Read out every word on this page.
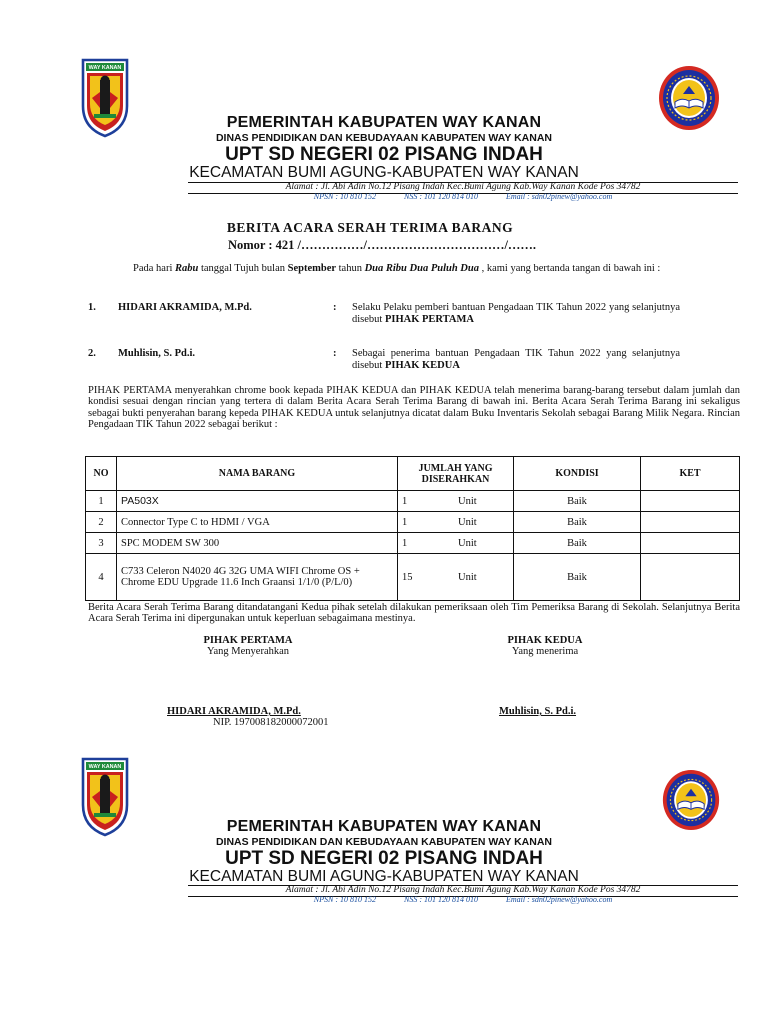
WAY KANAN
PEMERINTAH KABUPATEN WAY KANAN
DINAS PENDIDIKAN DAN KEBUDAYAAN KABUPATEN WAY KANAN
UPT SD NEGERI 02 PISANG INDAH
KECAMATAN BUMI AGUNG-KABUPATEN WAY KANAN
Alamat : Jl. Abi Adin No.12 Pisang Indah Kec.Bumi Agung Kab.Way Kanan Kode Pos 34782
NPSN : 10 810 152	NSS : 101 120 814 010	Email : sdn02pinew@yahoo.com
BERITA ACARA SERAH TERIMA BARANG
Nomor : 421 /……………/……………………………/…….
Pada hari Rabu tanggal Tujuh bulan September tahun Dua Ribu Dua Puluh Dua , kami yang bertanda tangan di bawah ini :
1. HIDARI AKRAMIDA, M.Pd.	: Selaku Pelaku pemberi bantuan Pengadaan TIK Tahun 2022 yang selanjutnya disebut PIHAK PERTAMA
2. Muhlisin, S. Pd.i.	: Sebagai penerima bantuan Pengadaan TIK Tahun 2022 yang selanjutnya disebut PIHAK KEDUA
PIHAK PERTAMA menyerahkan chrome book kepada PIHAK KEDUA dan PIHAK KEDUA telah menerima barang-barang tersebut dalam jumlah dan kondisi sesuai dengan rincian yang tertera di dalam Berita Acara Serah Terima Barang di bawah ini. Berita Acara Serah Terima Barang ini sekaligus sebagai bukti penyerahan barang kepeda PIHAK KEDUA untuk selanjutnya dicatat dalam Buku Inventaris Sekolah sebagai Barang Milik Negara. Rincian Pengadaan TIK Tahun 2022 sebagai berikut :
NO	NAMA BARANG	JUMLAH YANG DISERAHKAN	KONDISI	KET
1	PA503X	1 Unit	Baik	
2	Connector Type C to HDMI / VGA	1 Unit	Baik	
3	SPC MODEM SW 300	1 Unit	Baik	
4	C733 Celeron N4020 4G 32G UMA WIFI Chrome OS + Chrome EDU Upgrade 11.6 Inch Graansi 1/1/0 (P/L/0)	15 Unit	Baik	
Berita Acara Serah Terima Barang ditandatangani Kedua pihak setelah dilakukan pemeriksaan oleh Tim Pemeriksa Barang di Sekolah. Selanjutnya Berita Acara Serah Terima ini dipergunakan untuk keperluan sebagaimana mestinya.
PIHAK PERTAMA
Yang Menyerahkan
PIHAK KEDUA
Yang menerima
HIDARI AKRAMIDA, M.Pd.
NIP. 197008182000072001
Muhlisin, S. Pd.i.
WAY KANAN
PEMERINTAH KABUPATEN WAY KANAN
DINAS PENDIDIKAN DAN KEBUDAYAAN KABUPATEN WAY KANAN
UPT SD NEGERI 02 PISANG INDAH
KECAMATAN BUMI AGUNG-KABUPATEN WAY KANAN
Alamat : Jl. Abi Adin No.12 Pisang Indah Kec.Bumi Agung Kab.Way Kanan Kode Pos 34782
NPSN : 10 810 152	NSS : 101 120 814 010	Email : sdn02pinew@yahoo.com
